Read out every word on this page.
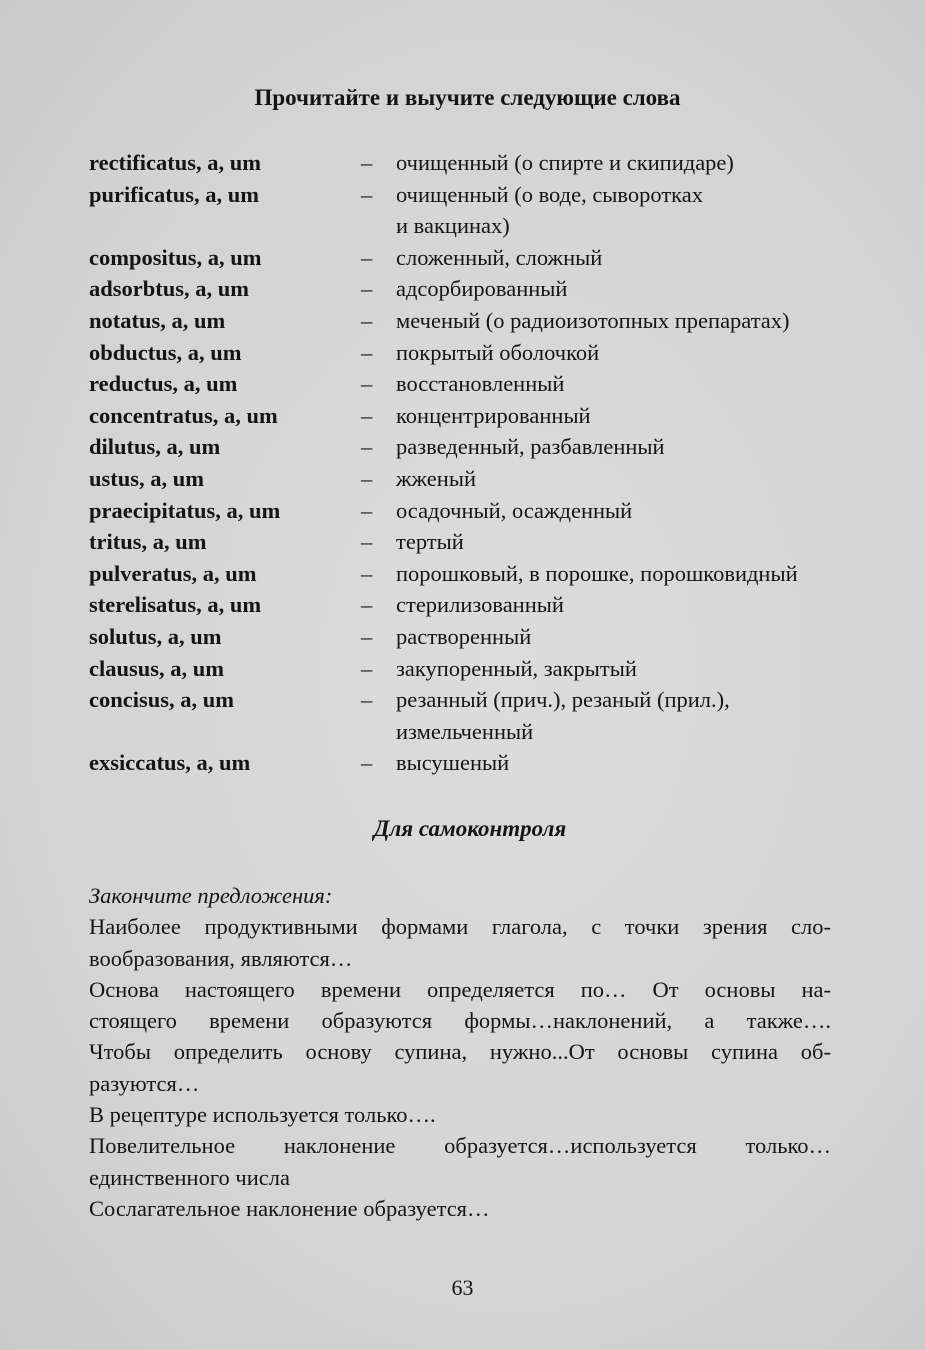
Прочитайте и выучите следующие слова
rectificatus, a, um	– очищенный (о спирте и скипидаре)
purificatus, a, um	– очищенный (о воде, сыворотках
и вакцинах)
compositus, a, um	– сложенный, сложный
adsorbtus, a, um	– адсорбированный
notatus, a, um	– меченый (о радиоизотопных препаратах)
obductus, a, um	– покрытый оболочкой
reductus, a, um	– восстановленный
concentratus, a, um	– концентрированный
dilutus, a, um	– разведенный, разбавленный
ustus, a, um	– жженый
praecipitatus, a, um	– осадочный, осажденный
tritus, a, um	– тертый
pulveratus, a, um	– порошковый, в порошке, порошковидный
sterelisatus, a, um	– стерилизованный
solutus, a, um	– растворенный
clausus, a, um	– закупоренный, закрытый
concisus, a, um	– резанный (прич.), резаный (прил.),
измельченный
exsiccatus, a, um	– высушеный
Для самоконтроля
Закончите предложения:
Наиболее продуктивными формами глагола, с точки зрения сло-
вообразования, являются…
Основа настоящего времени определяется по… От основы на-
стоящего времени образуются формы…наклонений, а также….
Чтобы определить основу супина, нужно...От основы супина об-
разуются…
В рецептуре используется только….
Повелительное наклонение образуется…используется только…
единственного числа
Сослагательное наклонение образуется…
63
